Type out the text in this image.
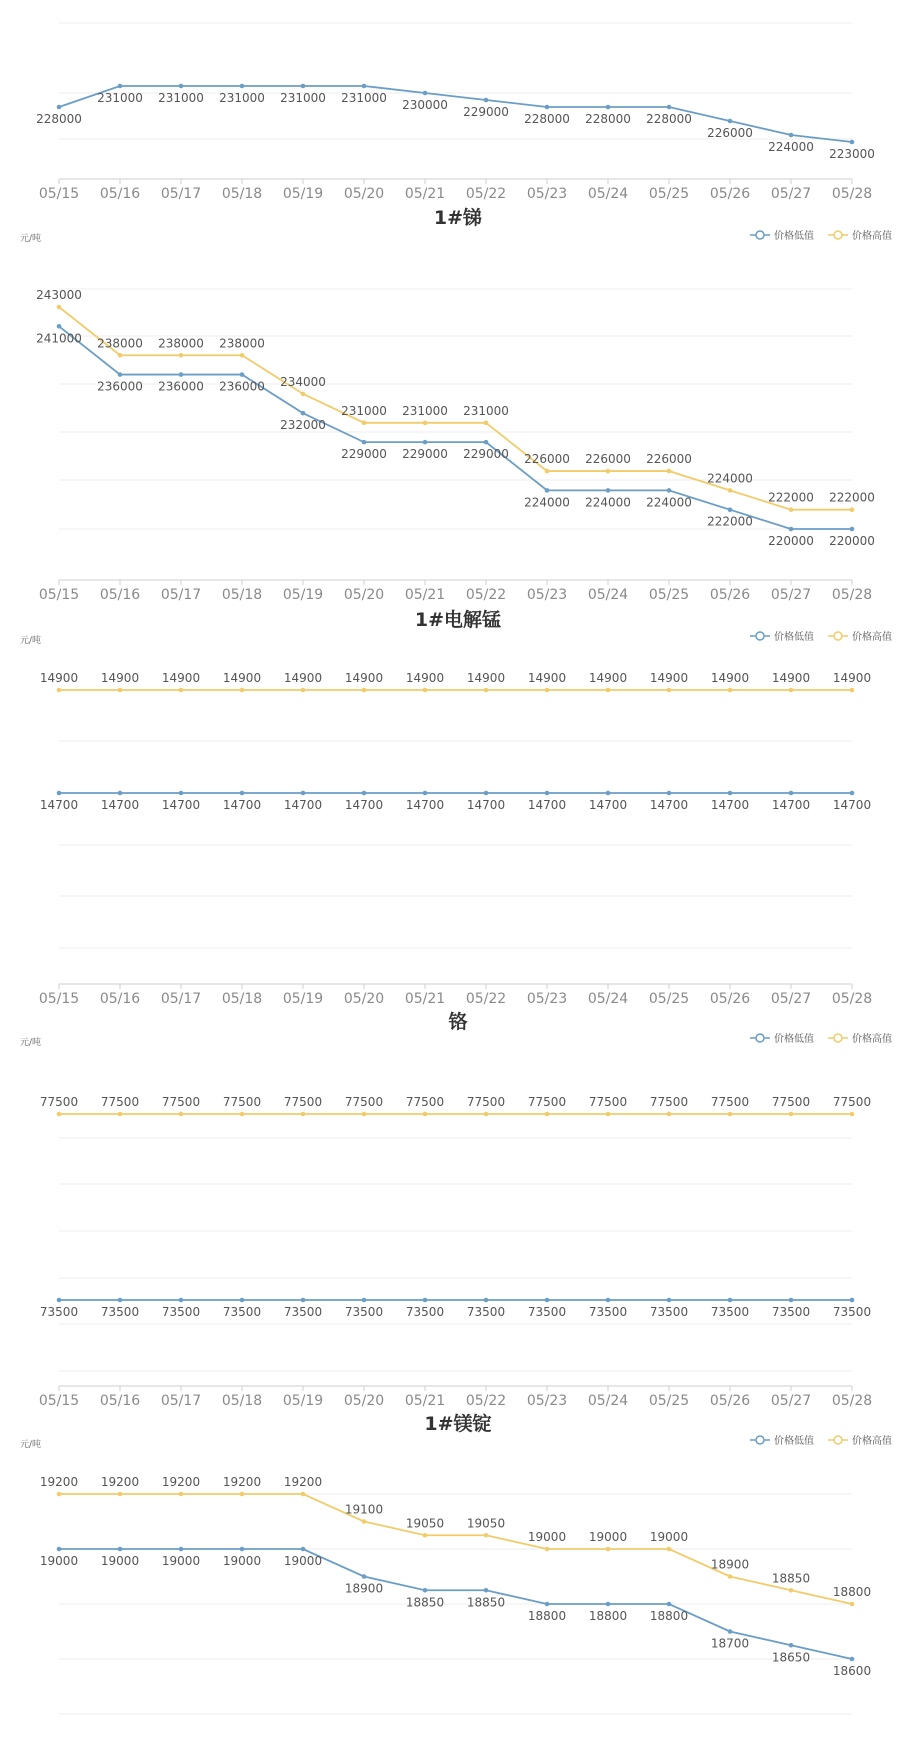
05/15 05/16 05/17 05/18 05/19 05/20 05/21 05/22 05/23 05/24 05/25 05/26 05/27 05/28
228000
231000 231000 231000 231000 231000 230000 229000 228000 228000 228000
226000
224000 223000
1#锑
元/吨	价格低值	价格高值
05/15 05/16 05/17 05/18 05/19 05/20 05/21 05/22 05/23 05/24 05/25 05/26 05/27 05/28
241000
236000 236000 236000
232000
229000 229000 229000
224000 224000 224000
222000
220000 220000
243000
238000 238000 238000
234000
231000 231000 231000
226000 226000 226000
224000
222000 222000
1#电解锰
元/吨	价格低值	价格高值
05/15 05/16 05/17 05/18 05/19 05/20 05/21 05/22 05/23 05/24 05/25 05/26 05/27 05/28
14700 14700 14700 14700 14700 14700 14700 14700 14700 14700 14700 14700 14700 14700
14900 14900 14900 14900 14900 14900 14900 14900 14900 14900 14900 14900 14900 14900
铬
元/吨	价格低值	价格高值
05/15 05/16 05/17 05/18 05/19 05/20 05/21 05/22 05/23 05/24 05/25 05/26 05/27 05/28
73500 73500 73500 73500 73500 73500 73500 73500 73500 73500 73500 73500 73500 73500
77500 77500 77500 77500 77500 77500 77500 77500 77500 77500 77500 77500 77500 77500
1#镁锭
元/吨	价格低值	价格高值
19000 19000 19000 19000 19000
18900
18850 18850
18800 18800 18800
18700
18650
18600
19200 19200 19200 19200 19200
19100
19050 19050
19000 19000 19000
18900
18850
18800
